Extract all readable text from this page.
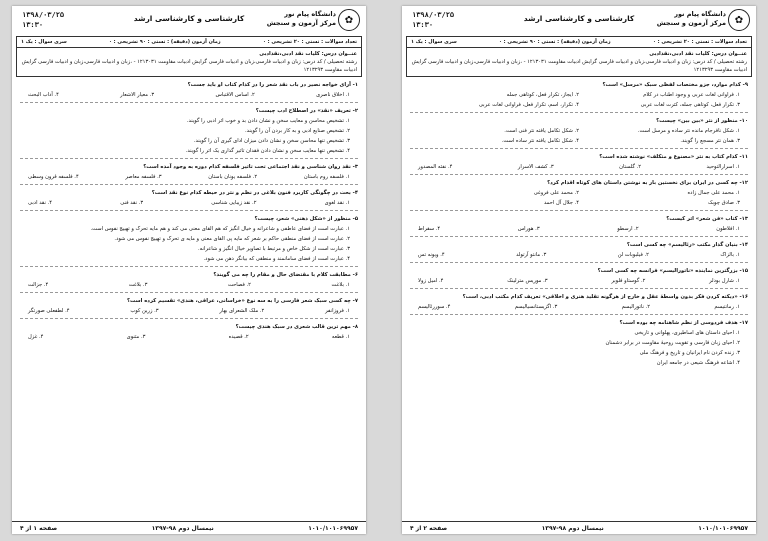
✿
دانشگاه پیام نور
مرکز آزمون و سنجش
کارشناسی و کارشناسی ارشد
۱۳۹۸/۰۳/۲۵
۱۳:۳۰
تعداد سوالات : تستی : ۲۰ تشریحی : ۰
زمان آزمون (دقیقه) : تستی : ۹۰ تشریحی : ۰
سری سوال : یک ۱
عنــوان درس: کلیات نقد ادبی،نقدادبی
رشته تحصیلی / کد درس: زبان و ادبیات فارسی،زبان و ادبیات فارسی گرایش ادبیات مقاومت ۱۲۱۳۰۳۱ - ،زبان و ادبیات فارسی،زبان و ادبیات فارسی گرایش ادبیات مقاومت ۱۲۱۳۲۹۳
۱- آرای خواجه نصیر در باب نقد شعر را در کدام کتاب او باید جست؟
۱. اخلاق ناصری
۲. اساس الاقتباس
۳. معیار الاشعار
۴. آداب البحث
۲- تعریف «نقد» در اصطلاح ادب چیست؟
۱. تشخیص محاسن و معایب سخن و نشان دادن بد و خوب اثر ادبی را گویند.
۲. تشخیص صنایع ادبی و به کار بردن آن را گویند.
۳. تشخیص تنها محاسن سخن و نشان دادن میزان ادای گیری آن را گویند.
۴. تشخیص تنها معایب سخن و نشان دادن فقدان تاثیر گذاری یک اثر را گویند.
۳- نقد روان شناسی و نقد اجتماعی تحت تاثیر فلسفه کدام دوره به وجود آمده است؟
۱. فلسفه روم باستان
۲. فلسفه یونان باستان
۳. فلسفه معاصر
۴. فلسفه قرون وسطی
۴- بحث در چگونگی کاربرد فنون بلاغی در نظم و نثر در حیطه کدام نوع نقد است؟
۱. نقد لغوی
۲. نقد زیبایی شناسی
۳. نقد فنی
۴. نقد ادبی
۵- منظور از «شکل ذهنی» شعر، چیست؟
۱. عبارت است از فضای عاطفی و شاعرانه و خیال انگیز که هم القای معنی می کند و هم مایه تحرک و تهییج نفوس است.
۲. عبارت است از فضای منطقی حاکم بر شعر که مایه پی القای معنی و مایه ی تحرک و تهییج نفوس می شود.
۳. عبارت است از شکل خاص و مرتبط با تصاویر خیال انگیز و شاعرانه.
۴. عبارت است از فضای سامانمند و منطقی که بیانگر ذهن می شود.
۶- مطابقت کلام با مقتضای حال و مقام را چه می گویند؟
۱. بلاغت
۲. فصاحت
۳. بلاغت
۴. جزالت
۷- چه کسی سبک شعر فارسی را به سه نوع «خراسانی، عراقی، هندی» تقسیم کرده است؟
۱. فروزانفر
۲. ملک الشعرای بهار
۳. زرین کوب
۴. لطفعلی صورتگر
۸- مهم ترین قالب شعری در سبک هندی چیست؟
۱. قطعه
۲. قصیده
۳. مثنوی
۴. غزل
۱۰۱۰/۱۰۱۰۶۹۹۵۷
نیمسال دوم ۹۸-۱۳۹۷
صفحه ۱ از ۴
✿
دانشگاه پیام نور
مرکز آزمون و سنجش
کارشناسی و کارشناسی ارشد
۱۳۹۸/۰۳/۲۵
۱۳:۳۰
تعداد سوالات : تستی : ۲۰ تشریحی : ۰
زمان آزمون (دقیقه) : تستی : ۹۰ تشریحی : ۰
سری سوال : یک ۱
عنــوان درس: کلیات نقد ادبی،نقدادبی
رشته تحصیلی / کد درس: زبان و ادبیات فارسی،زبان و ادبیات فارسی گرایش ادبیات مقاومت ۱۲۱۳۰۳۱ - ،زبان و ادبیات فارسی،زبان و ادبیات فارسی گرایش ادبیات مقاومت ۱۲۱۳۲۹۳
۹- کدام موارد، جزو مختصات لفظی سبک «مرسل» است؟
۱. فراوانی لغات عربی و وجود اطناب در کلام
۲. ایجاز، تکرار فعل، کوتاهی جمله
۳. تکرار فعل، کوتاهی جمله، کثرت لغات عربی
۴. تکرار، اسم، تکرار فعل، فراوانی لغات عربی
۱۰- منظور از نثر «بین بین» چیست؟
۱. شکل نافرجام مانده نثر ساده و مرسل است.
۲. شکل تکامل یافته نثر فنی است.
۳. همان نثر مسجع را گویند.
۴. شکل تکامل یافته نثر ساده است.
۱۱- کدام کتاب به نثر «مصنوع و متکلف» نوشته شده است؟
۱. اسرارالتوحید
۲. گلستان
۳. کشف الاسرار
۴. نفثه المصدور
۱۲- چه کسی در ایران برای نخستین بار به نوشتن داستان های کوتاه اقدام کرد؟
۱. محمد علی جمال زاده
۲. محمد علی فروغی
۳. صادق چوبک
۴. جلال آل احمد
۱۳- کتاب «فن شعر» اثر کیست؟
۱. افلاطون
۲. ارسطو
۳. هوراس
۴. سقراط
۱۴- بنیان گذار مکتب «رئالیسم» چه کسی است؟
۱. بالزاک
۲. فیلبوبات لن
۳. مانتو آرتولد
۴. ویونه تس
۱۵- بزرگترین نماینده «ناتورالیسم» فرانسه چه کسی است؟
۱. شارل بودلر
۲. گوستاو فلوبر
۳. موریس مترلینک
۴. امیل زولا
۱۶- «دیکته کردن فکر بدون واسطهٔ عقل و خارج از هرگونه تقلید هنری و اخلاقی» تعریف کدام مکتب ادبی، است؟
۱. رمانتیسم
۲. ناتورالیسم
۳. اگزیستانسیالیسم
۴. سوررئالیسم
۱۷- هدف فردوسی از نظم شاهنامه چه بوده است؟
۱. احیای داستان های اساطیری، پهلوانی و تاریخی
۲. احیای زبان فارسی و تقویت روحیهٔ مقاومت در برابر دشمنان
۳. زنده کردن نام ایرانیان و تاریخ و فرهنگ ملی
۴. اشاعه فرهنگ شیعی در جامعه ایران
۱۰۱۰/۱۰۱۰۶۹۹۵۷
نیمسال دوم ۹۸-۱۳۹۷
صفحه ۲ از ۴
